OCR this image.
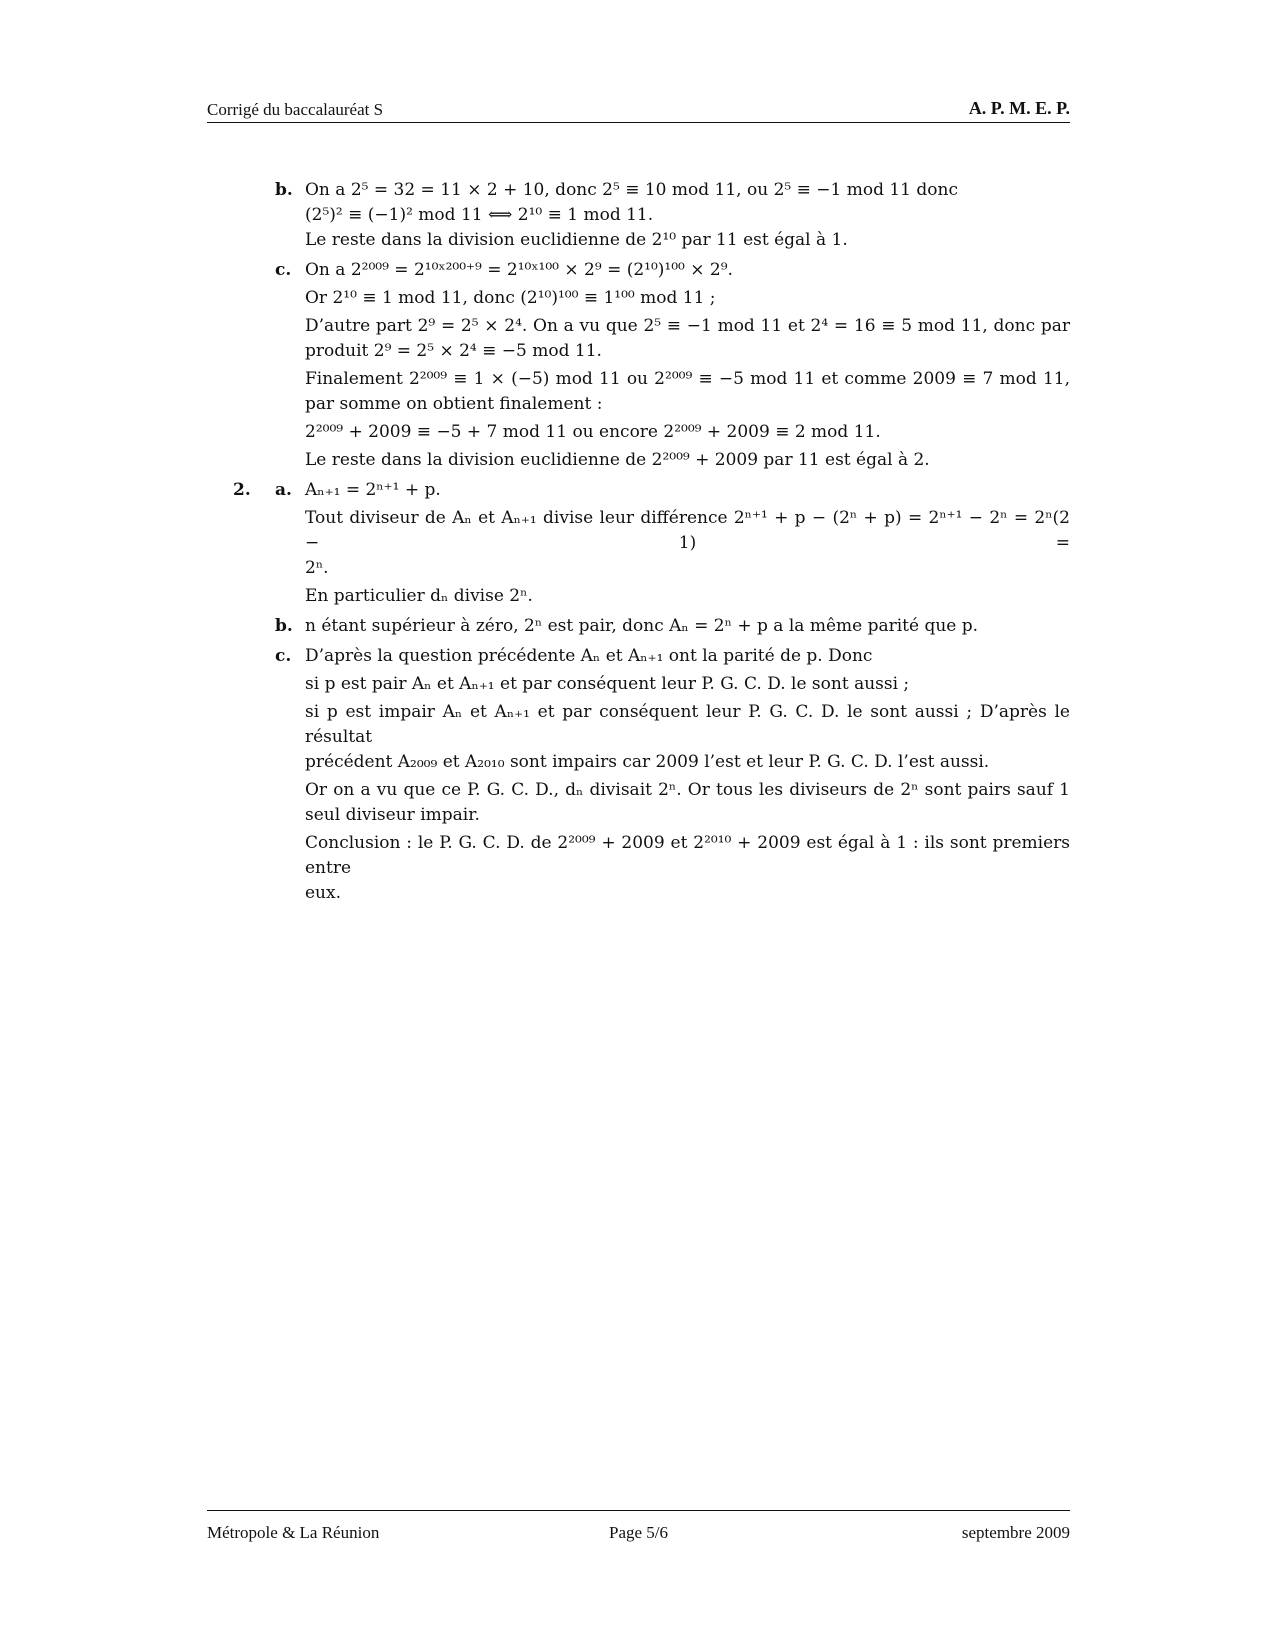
Corrigé du baccalauréat S	A. P. M. E. P.
b. On a 2⁵ = 32 = 11 × 2 + 10, donc 2⁵ ≡ 10 mod 11, ou 2⁵ ≡ −1 mod 11 donc
(2⁵)² ≡ (−1)² mod 11 ⟺ 2¹⁰ ≡ 1 mod 11.
Le reste dans la division euclidienne de 2¹⁰ par 11 est égal à 1.
c. On a 2²⁰⁰⁹ = 2¹⁰ˣ²⁰⁰⁺⁹ = 2¹⁰ˣ¹⁰⁰ × 2⁹ = (2¹⁰)¹⁰⁰ × 2⁹.
Or 2¹⁰ ≡ 1 mod 11, donc (2¹⁰)¹⁰⁰ ≡ 1¹⁰⁰ mod 11 ;
D’autre part 2⁹ = 2⁵ × 2⁴. On a vu que 2⁵ ≡ −1 mod 11 et 2⁴ = 16 ≡ 5 mod 11, donc par
produit 2⁹ = 2⁵ × 2⁴ ≡ −5 mod 11.
Finalement 2²⁰⁰⁹ ≡ 1 × (−5) mod 11 ou 2²⁰⁰⁹ ≡ −5 mod 11 et comme 2009 ≡ 7 mod 11,
par somme on obtient finalement :
2²⁰⁰⁹ + 2009 ≡ −5 + 7 mod 11 ou encore 2²⁰⁰⁹ + 2009 ≡ 2 mod 11.
Le reste dans la division euclidienne de 2²⁰⁰⁹ + 2009 par 11 est égal à 2.
2. a. Aₙ₊₁ = 2ⁿ⁺¹ + p.
Tout diviseur de Aₙ et Aₙ₊₁ divise leur différence 2ⁿ⁺¹ + p − (2ⁿ + p) = 2ⁿ⁺¹ − 2ⁿ = 2ⁿ(2 − 1) =
2ⁿ.
En particulier dₙ divise 2ⁿ.
b. n étant supérieur à zéro, 2ⁿ est pair, donc Aₙ = 2ⁿ + p a la même parité que p.
c. D’après la question précédente Aₙ et Aₙ₊₁ ont la parité de p. Donc
si p est pair Aₙ et Aₙ₊₁ et par conséquent leur P. G. C. D. le sont aussi ;
si p est impair Aₙ et Aₙ₊₁ et par conséquent leur P. G. C. D. le sont aussi ; D’après le résultat
précédent A₂₀₀₉ et A₂₀₁₀ sont impairs car 2009 l’est et leur P. G. C. D. l’est aussi.
Or on a vu que ce P. G. C. D., dₙ divisait 2ⁿ. Or tous les diviseurs de 2ⁿ sont pairs sauf 1
seul diviseur impair.
Conclusion : le P. G. C. D. de 2²⁰⁰⁹ + 2009 et 2²⁰¹⁰ + 2009 est égal à 1 : ils sont premiers entre
eux.
Métropole & La Réunion	Page 5/6	septembre 2009
